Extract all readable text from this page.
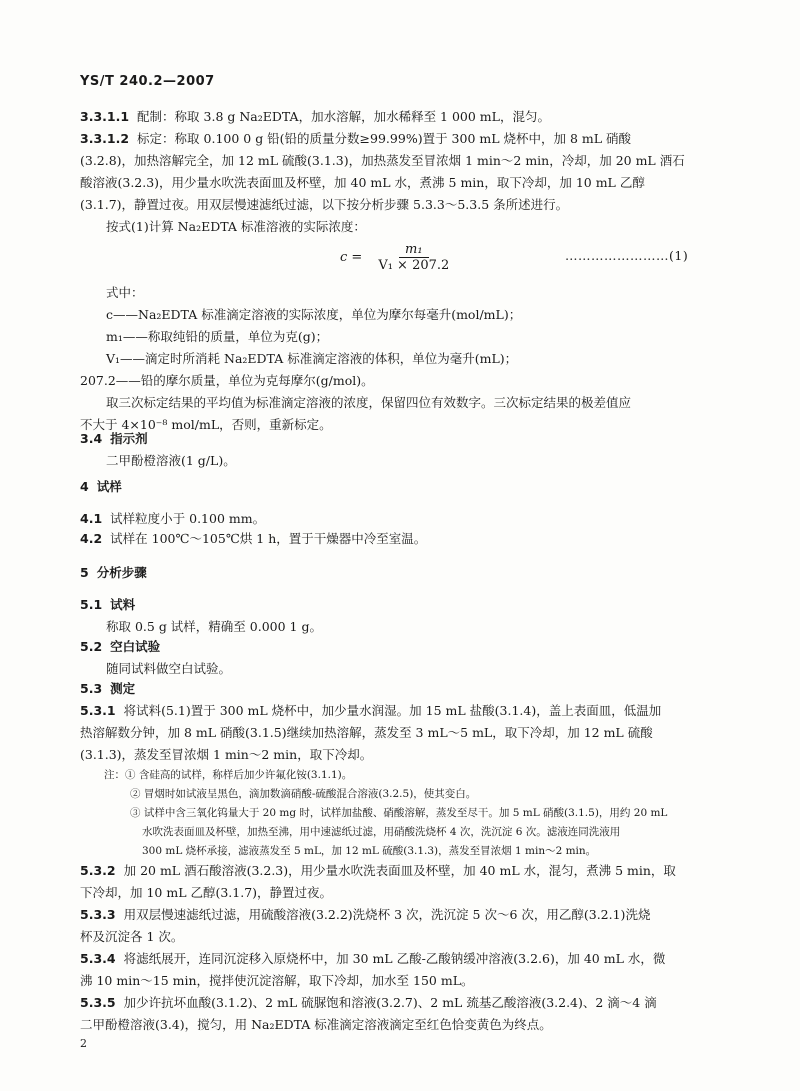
YS/T 240.2—2007
3.3.1.1 配制：称取 3.8 g Na₂EDTA，加水溶解，加水稀释至 1 000 mL，混匀。
3.3.1.2 标定：称取 0.100 0 g 铅(铅的质量分数≥99.99%)置于 300 mL 烧杯中，加 8 mL 硝酸
(3.2.8)，加热溶解完全，加 12 mL 硫酸(3.1.3)，加热蒸发至冒浓烟 1 min～2 min，冷却，加 20 mL 酒石
酸溶液(3.2.3)，用少量水吹洗表面皿及杯壁，加 40 mL 水，煮沸 5 min，取下冷却，加 10 mL 乙醇
(3.1.7)，静置过夜。用双层慢速滤纸过滤，以下按分析步骤 5.3.3～5.3.5 条所述进行。
按式(1)计算 Na₂EDTA 标准溶液的实际浓度：
$c = \frac{\text{m₁}}{\text{V₁ × 207.2}}$	……………………(1)
式中：
c——Na₂EDTA 标准滴定溶液的实际浓度，单位为摩尔每毫升(mol/mL)；
m₁——称取纯铅的质量，单位为克(g)；
V₁——滴定时所消耗 Na₂EDTA 标准滴定溶液的体积，单位为毫升(mL)；
207.2——铅的摩尔质量，单位为克每摩尔(g/mol)。
取三次标定结果的平均值为标准滴定溶液的浓度，保留四位有效数字。三次标定结果的极差值应
不大于 4×10⁻⁸ mol/mL，否则，重新标定。
3.4 指示剂
二甲酚橙溶液(1 g/L)。
4 试样
4.1 试样粒度小于 0.100 mm。
4.2 试样在 100℃～105℃烘 1 h，置于干燥器中冷至室温。
5 分析步骤
5.1 试料
称取 0.5 g 试样，精确至 0.000 1 g。
5.2 空白试验
随同试料做空白试验。
5.3 测定
5.3.1 将试料(5.1)置于 300 mL 烧杯中，加少量水润湿。加 15 mL 盐酸(3.1.4)，盖上表面皿，低温加
热溶解数分钟，加 8 mL 硝酸(3.1.5)继续加热溶解，蒸发至 3 mL～5 mL，取下冷却，加 12 mL 硫酸
(3.1.3)，蒸发至冒浓烟 1 min～2 min，取下冷却。
注：① 含硅高的试样，称样后加少许氟化铵(3.1.1)。
② 冒烟时如试液呈黑色，滴加数滴硝酸-硫酸混合溶液(3.2.5)，使其变白。
③ 试样中含三氧化钨量大于 20 mg 时，试样加盐酸、硝酸溶解，蒸发至尽干。加 5 mL 硝酸(3.1.5)，用约 20 mL
水吹洗表面皿及杯壁，加热至沸，用中速滤纸过滤，用硝酸洗烧杯 4 次，洗沉淀 6 次。滤液连同洗液用
300 mL 烧杯承接，滤液蒸发至 5 mL，加 12 mL 硫酸(3.1.3)，蒸发至冒浓烟 1 min～2 min。
5.3.2 加 20 mL 酒石酸溶液(3.2.3)，用少量水吹洗表面皿及杯壁，加 40 mL 水，混匀，煮沸 5 min，取
下冷却，加 10 mL 乙醇(3.1.7)，静置过夜。
5.3.3 用双层慢速滤纸过滤，用硫酸溶液(3.2.2)洗烧杯 3 次，洗沉淀 5 次～6 次，用乙醇(3.2.1)洗烧
杯及沉淀各 1 次。
5.3.4 将滤纸展开，连同沉淀移入原烧杯中，加 30 mL 乙酸-乙酸钠缓冲溶液(3.2.6)，加 40 mL 水，微
沸 10 min～15 min，搅拌使沉淀溶解，取下冷却，加水至 150 mL。
5.3.5 加少许抗坏血酸(3.1.2)、2 mL 硫脲饱和溶液(3.2.7)、2 mL 巯基乙酸溶液(3.2.4)、2 滴～4 滴
二甲酚橙溶液(3.4)，搅匀，用 Na₂EDTA 标准滴定溶液滴定至红色恰变黄色为终点。
2
